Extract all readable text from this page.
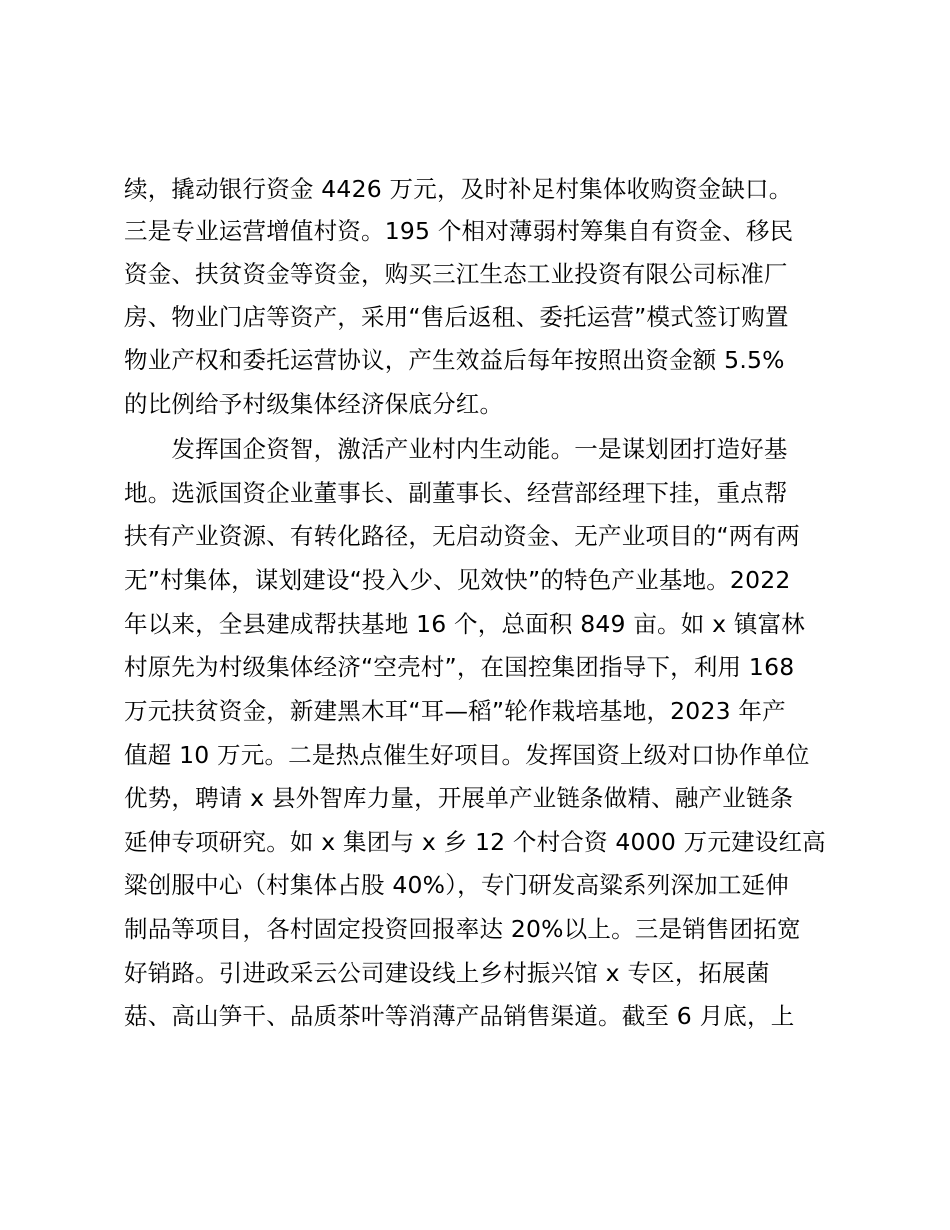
续，撬动银行资金 4426 万元，及时补足村集体收购资金缺口。
三是专业运营增值村资。195 个相对薄弱村筹集自有资金、移民
资金、扶贫资金等资金，购买三江生态工业投资有限公司标准厂
房、物业门店等资产，采用“售后返租、委托运营”模式签订购置
物业产权和委托运营协议，产生效益后每年按照出资金额 5.5%
的比例给予村级集体经济保底分红。
　　发挥国企资智，激活产业村内生动能。一是谋划团打造好基
地。选派国资企业董事长、副董事长、经营部经理下挂，重点帮
扶有产业资源、有转化路径，无启动资金、无产业项目的“两有两
无”村集体，谋划建设“投入少、见效快”的特色产业基地。2022
年以来，全县建成帮扶基地 16 个，总面积 849 亩。如 x 镇富林
村原先为村级集体经济“空壳村”，在国控集团指导下，利用 168
万元扶贫资金，新建黑木耳“耳—稻”轮作栽培基地，2023 年产
值超 10 万元。二是热点催生好项目。发挥国资上级对口协作单位
优势，聘请 x 县外智库力量，开展单产业链条做精、融产业链条
延伸专项研究。如 x 集团与 x 乡 12 个村合资 4000 万元建设红高
粱创服中心（村集体占股 40%），专门研发高粱系列深加工延伸
制品等项目，各村固定投资回报率达 20%以上。三是销售团拓宽
好销路。引进政采云公司建设线上乡村振兴馆 x 专区，拓展菌
菇、高山笋干、品质茶叶等消薄产品销售渠道。截至 6 月底，上
